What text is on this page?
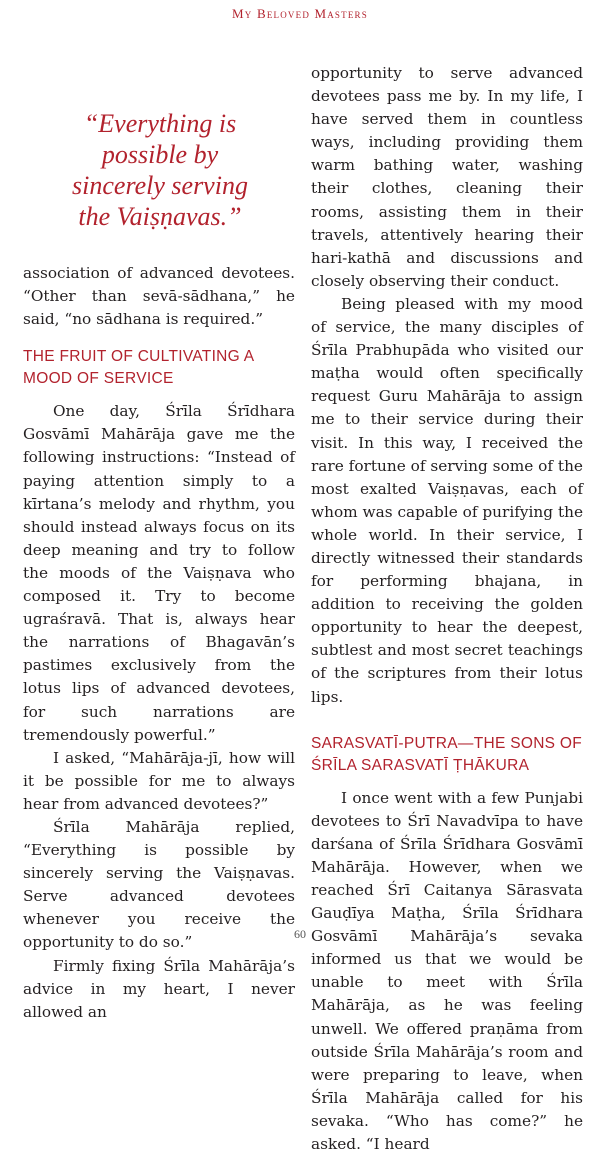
My Beloved Masters
“Everything is possible by sincerely serving the Vaiṣṇavas.”

association of advanced devotees. “Other than sevā-sādhana,” he said, “no sādhana is required.”

THE FRUIT OF CULTIVATING A MOOD OF SERVICE

One day, Śrīla Śrīdhara Gosvāmī Mahārāja gave me the following instructions: “Instead of paying attention simply to a kīrtana’s melody and rhythm, you should instead always focus on its deep meaning and try to follow the moods of the Vaiṣṇava who composed it. Try to become ugraśravā. That is, always hear the narrations of Bhagavān’s pastimes exclusively from the lotus lips of advanced devotees, for such narrations are tremendously powerful.”

I asked, “Mahārāja-jī, how will it be possible for me to always hear from advanced devotees?”

Śrīla Mahārāja replied, “Everything is possible by sincerely serving the Vaiṣṇavas. Serve advanced devotees whenever you receive the opportunity to do so.”

Firmly fixing Śrīla Mahārāja’s advice in my heart, I never allowed an

opportunity to serve advanced devotees pass me by. In my life, I have served them in countless ways, including providing them warm bathing water, washing their clothes, cleaning their rooms, assisting them in their travels, attentively hearing their hari-kathā and discussions and closely observing their conduct.

Being pleased with my mood of service, the many disciples of Śrīla Prabhupāda who visited our maṭha would often specifically request Guru Mahārāja to assign me to their service during their visit. In this way, I received the rare fortune of serving some of the most exalted Vaiṣṇavas, each of whom was capable of purifying the whole world. In their service, I directly witnessed their standards for performing bhajana, in addition to receiving the golden opportunity to hear the deepest, subtlest and most secret teachings of the scriptures from their lotus lips.

SARASVATĪ-PUTRA—THE SONS OF ŚRĪLA SARASVATĪ ṬHĀKURA

I once went with a few Punjabi devotees to Śrī Navadvīpa to have darśana of Śrīla Śrīdhara Gosvāmī Mahārāja. However, when we reached Śrī Caitanya Sārasvata Gauḍīya Maṭha, Śrīla Śrīdhara Gosvāmī Mahārāja’s sevaka informed us that we would be unable to meet with Śrīla Mahārāja, as he was feeling unwell. We offered praṇāma from outside Śrīla Mahārāja’s room and were preparing to leave, when Śrīla Mahārāja called for his sevaka. “Who has come?” he asked. “I heard

60
